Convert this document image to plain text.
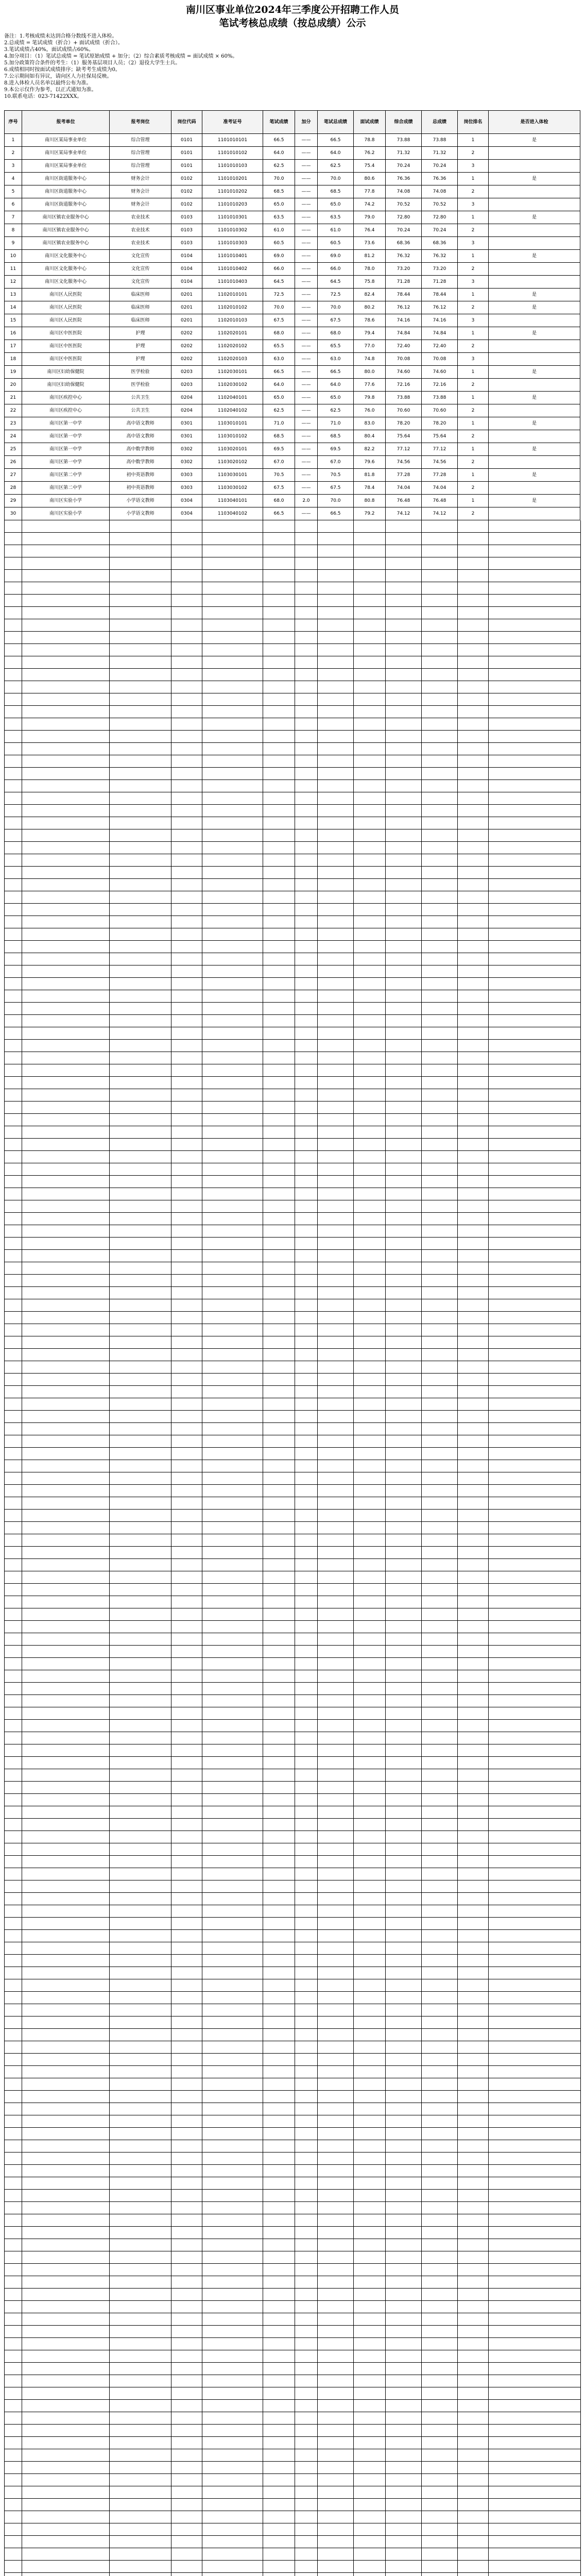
南川区事业单位2024年三季度公开招聘工作人员
笔试考核总成绩（按总成绩）公示
备注：1.考核成绩未达到合格分数线不进入体检。
2.总成绩 = 笔试成绩（折合）+ 面试成绩（折合）。
3.笔试成绩占40%，面试成绩占60%。
4.加分项目：（1）笔试总成绩 = 笔试原始成绩 + 加分；（2）综合素质考核成绩 = 面试成绩 × 60%。
5.加分政策符合条件的考生：（1）服务基层项目人员；（2）退役大学生士兵。
6.成绩相同时按面试成绩排序；缺考考生成绩为0。
7.公示期间如有异议，请向区人力社保局反映。
8.进入体检人员名单以最终公布为准。
9.本公示仅作为参考，以正式通知为准。
10.联系电话：023-71422XXX。
序号	报考单位	报考岗位	岗位代码	准考证号	笔试成绩	加分	笔试总成绩	面试成绩	综合成绩	总成绩	岗位排名	是否进入体检
1	南川区某局事业单位	综合管理	0101	1101010101	66.5	——	66.5	78.8	73.88	73.88	1	是
2	南川区某局事业单位	综合管理	0101	1101010102	64.0	——	64.0	76.2	71.32	71.32	2	
3	南川区某局事业单位	综合管理	0101	1101010103	62.5	——	62.5	75.4	70.24	70.24	3	
4	南川区街道服务中心	财务会计	0102	1101010201	70.0	——	70.0	80.6	76.36	76.36	1	是
5	南川区街道服务中心	财务会计	0102	1101010202	68.5	——	68.5	77.8	74.08	74.08	2	
6	南川区街道服务中心	财务会计	0102	1101010203	65.0	——	65.0	74.2	70.52	70.52	3	
7	南川区镇农业服务中心	农业技术	0103	1101010301	63.5	——	63.5	79.0	72.80	72.80	1	是
8	南川区镇农业服务中心	农业技术	0103	1101010302	61.0	——	61.0	76.4	70.24	70.24	2	
9	南川区镇农业服务中心	农业技术	0103	1101010303	60.5	——	60.5	73.6	68.36	68.36	3	
10	南川区文化服务中心	文化宣传	0104	1101010401	69.0	——	69.0	81.2	76.32	76.32	1	是
11	南川区文化服务中心	文化宣传	0104	1101010402	66.0	——	66.0	78.0	73.20	73.20	2	
12	南川区文化服务中心	文化宣传	0104	1101010403	64.5	——	64.5	75.8	71.28	71.28	3	
13	南川区人民医院	临床医师	0201	1102010101	72.5	——	72.5	82.4	78.44	78.44	1	是
14	南川区人民医院	临床医师	0201	1102010102	70.0	——	70.0	80.2	76.12	76.12	2	是
15	南川区人民医院	临床医师	0201	1102010103	67.5	——	67.5	78.6	74.16	74.16	3	
16	南川区中医医院	护理	0202	1102020101	68.0	——	68.0	79.4	74.84	74.84	1	是
17	南川区中医医院	护理	0202	1102020102	65.5	——	65.5	77.0	72.40	72.40	2	
18	南川区中医医院	护理	0202	1102020103	63.0	——	63.0	74.8	70.08	70.08	3	
19	南川区妇幼保健院	医学检验	0203	1102030101	66.5	——	66.5	80.0	74.60	74.60	1	是
20	南川区妇幼保健院	医学检验	0203	1102030102	64.0	——	64.0	77.6	72.16	72.16	2	
21	南川区疾控中心	公共卫生	0204	1102040101	65.0	——	65.0	79.8	73.88	73.88	1	是
22	南川区疾控中心	公共卫生	0204	1102040102	62.5	——	62.5	76.0	70.60	70.60	2	
23	南川区第一中学	高中语文教师	0301	1103010101	71.0	——	71.0	83.0	78.20	78.20	1	是
24	南川区第一中学	高中语文教师	0301	1103010102	68.5	——	68.5	80.4	75.64	75.64	2	
25	南川区第一中学	高中数学教师	0302	1103020101	69.5	——	69.5	82.2	77.12	77.12	1	是
26	南川区第一中学	高中数学教师	0302	1103020102	67.0	——	67.0	79.6	74.56	74.56	2	
27	南川区第二中学	初中英语教师	0303	1103030101	70.5	——	70.5	81.8	77.28	77.28	1	是
28	南川区第二中学	初中英语教师	0303	1103030102	67.5	——	67.5	78.4	74.04	74.04	2	
29	南川区实验小学	小学语文教师	0304	1103040101	68.0	2.0	70.0	80.8	76.48	76.48	1	是
30	南川区实验小学	小学语文教师	0304	1103040102	66.5	——	66.5	79.2	74.12	74.12	2	
